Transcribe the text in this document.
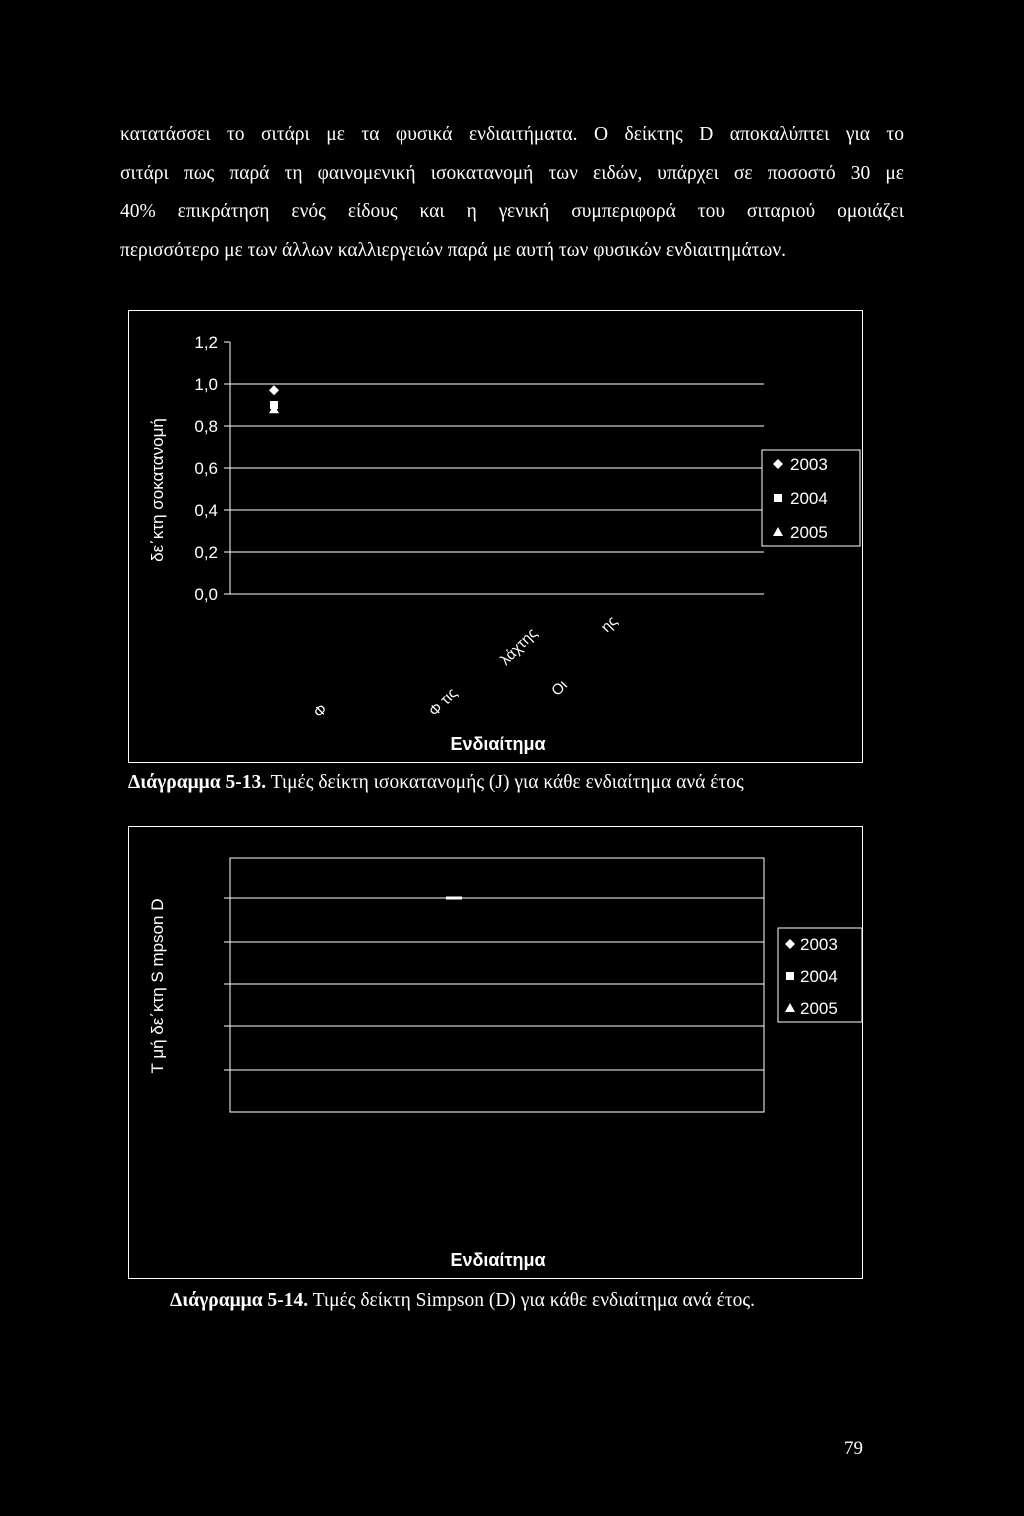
κατατάσσει το σιτάρι με τα φυσικά ενδιαιτήματα. Ο δείκτης D αποκαλύπτει για το
σιτάρι πως παρά τη φαινομενική ισοκατανομή των ειδών, υπάρχει σε ποσοστό 30 με
40% επικράτηση ενός είδους και η γενική συμπεριφορά του σιταριού ομοιάζει
περισσότερο με των άλλων καλλιεργειών παρά με αυτή των φυσικών ενδιαιτημάτων.
0,0
0,2
0,4
0,6
0,8
1,0
1,2
δε΄κτη σοκατανομή
Φ	Φ τις
λάχτης
Οι
ης
Ενδιαίτημα
2003
2004
2005
Διάγραμμα 5-13. Τιμές δείκτη ισοκατανομής (J) για κάθε ενδιαίτημα ανά έτος
Τ μή δε΄κτη S mpson D
Ενδιαίτημα
2003
2004
2005
Διάγραμμα 5-14. Τιμές δείκτη Simpson (D) για κάθε ενδιαίτημα ανά έτος.
79
